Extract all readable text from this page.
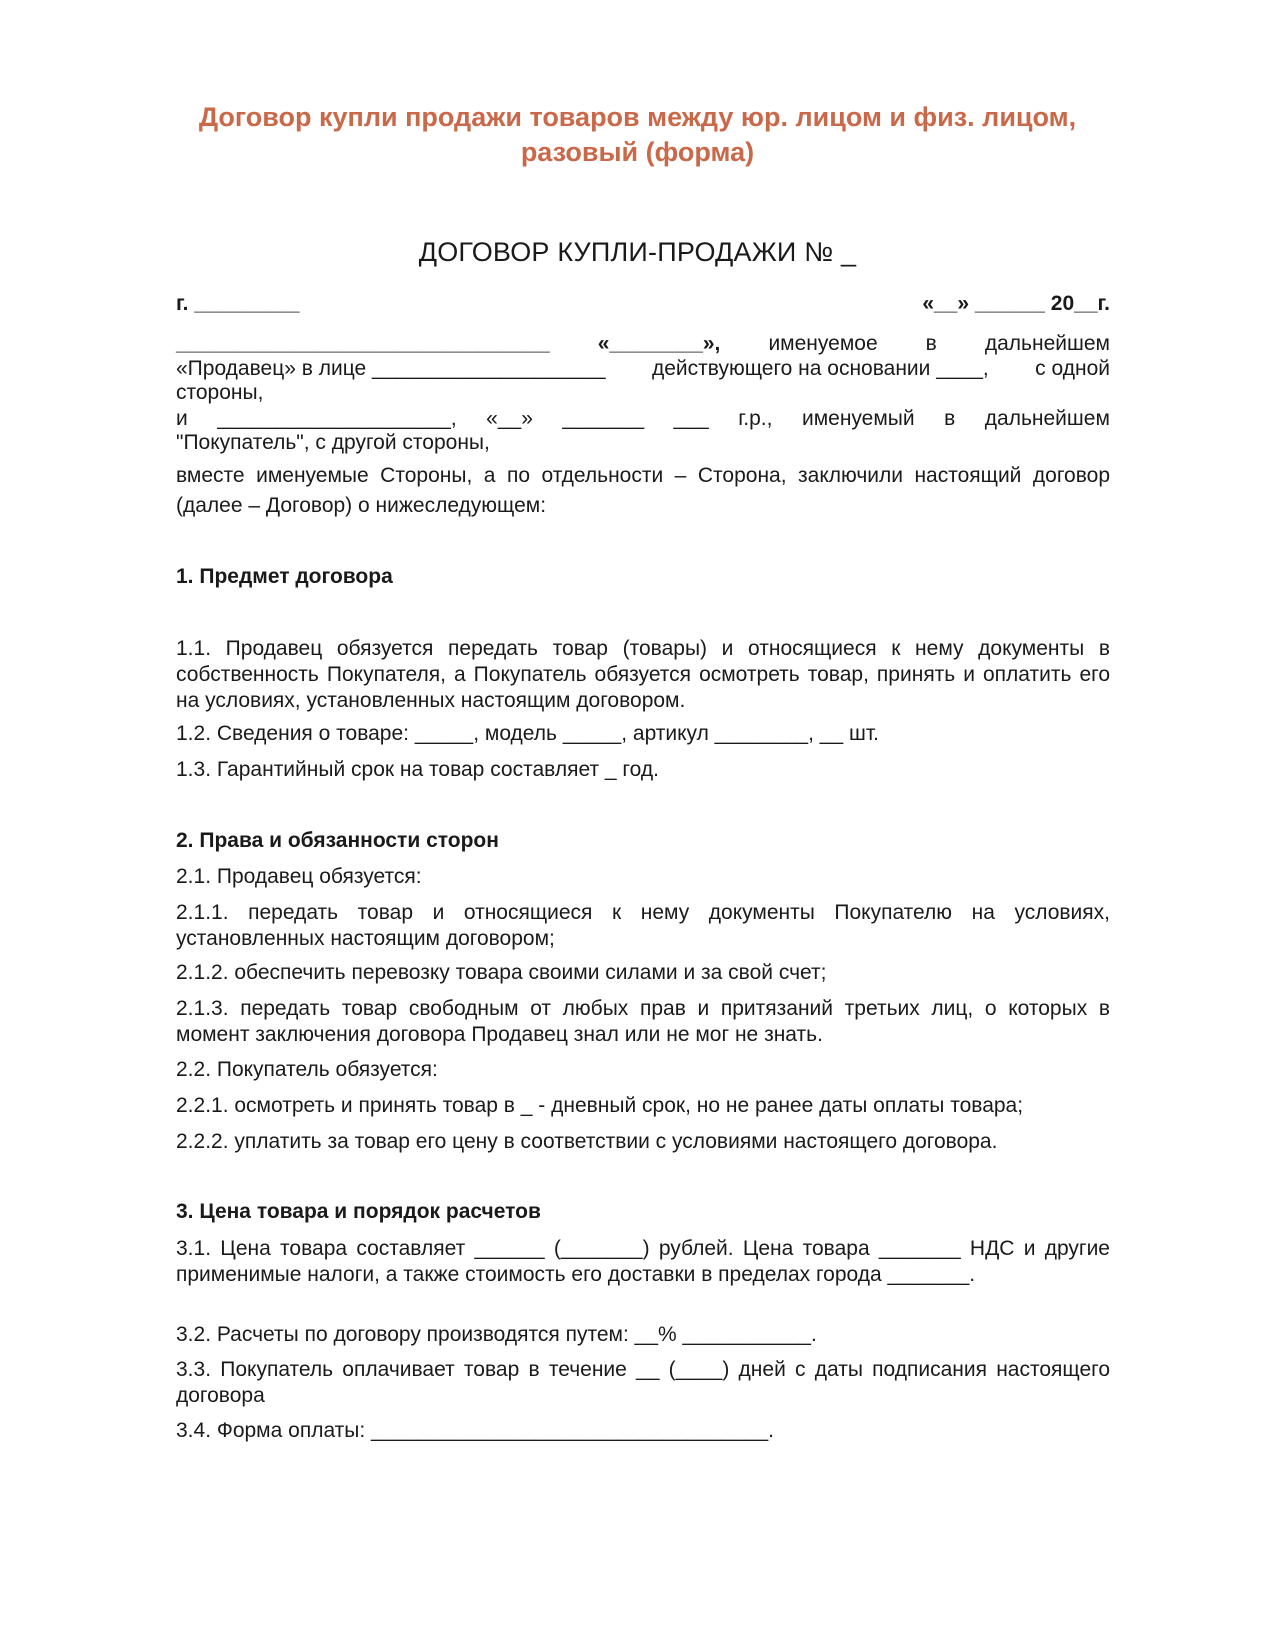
Договор купли продажи товаров между юр. лицом и физ. лицом, разовый (форма)
ДОГОВОР КУПЛИ-ПРОДАЖИ № _
г. _________	«__» ______ 20__г.
________________________________ «________», именуемое в дальнейшем
«Продавец» в лице ____________________ действующего на основании ____, с одной
стороны,
и ____________________, «__» _______ ___ г.р., именуемый в дальнейшем
"Покупатель", с другой стороны,
вместе именуемые Стороны, а по отдельности – Сторона, заключили настоящий договор (далее – Договор) о нижеследующем:
1. Предмет договора
1.1. Продавец обязуется передать товар (товары) и относящиеся к нему документы в собственность Покупателя, а Покупатель обязуется осмотреть товар, принять и оплатить его на условиях, установленных настоящим договором.
1.2. Сведения о товаре: _____, модель _____, артикул ________, __ шт.
1.3. Гарантийный срок на товар составляет _ год.
2. Права и обязанности сторон
2.1. Продавец обязуется:
2.1.1. передать товар и относящиеся к нему документы Покупателю на условиях, установленных настоящим договором;
2.1.2. обеспечить перевозку товара своими силами и за свой счет;
2.1.3. передать товар свободным от любых прав и притязаний третьих лиц, о которых в момент заключения договора Продавец знал или не мог не знать.
2.2. Покупатель обязуется:
2.2.1. осмотреть и принять товар в _ - дневный срок, но не ранее даты оплаты товара;
2.2.2. уплатить за товар его цену в соответствии с условиями настоящего договора.
3. Цена товара и порядок расчетов
3.1. Цена товара составляет ______ (_______) рублей. Цена товара _______ НДС и другие применимые налоги, а также стоимость его доставки в пределах города _______.
3.2. Расчеты по договору производятся путем: __% ___________.
3.3. Покупатель оплачивает товар в течение __ (____) дней с даты подписания настоящего договора
3.4. Форма оплаты: __________________________________.
